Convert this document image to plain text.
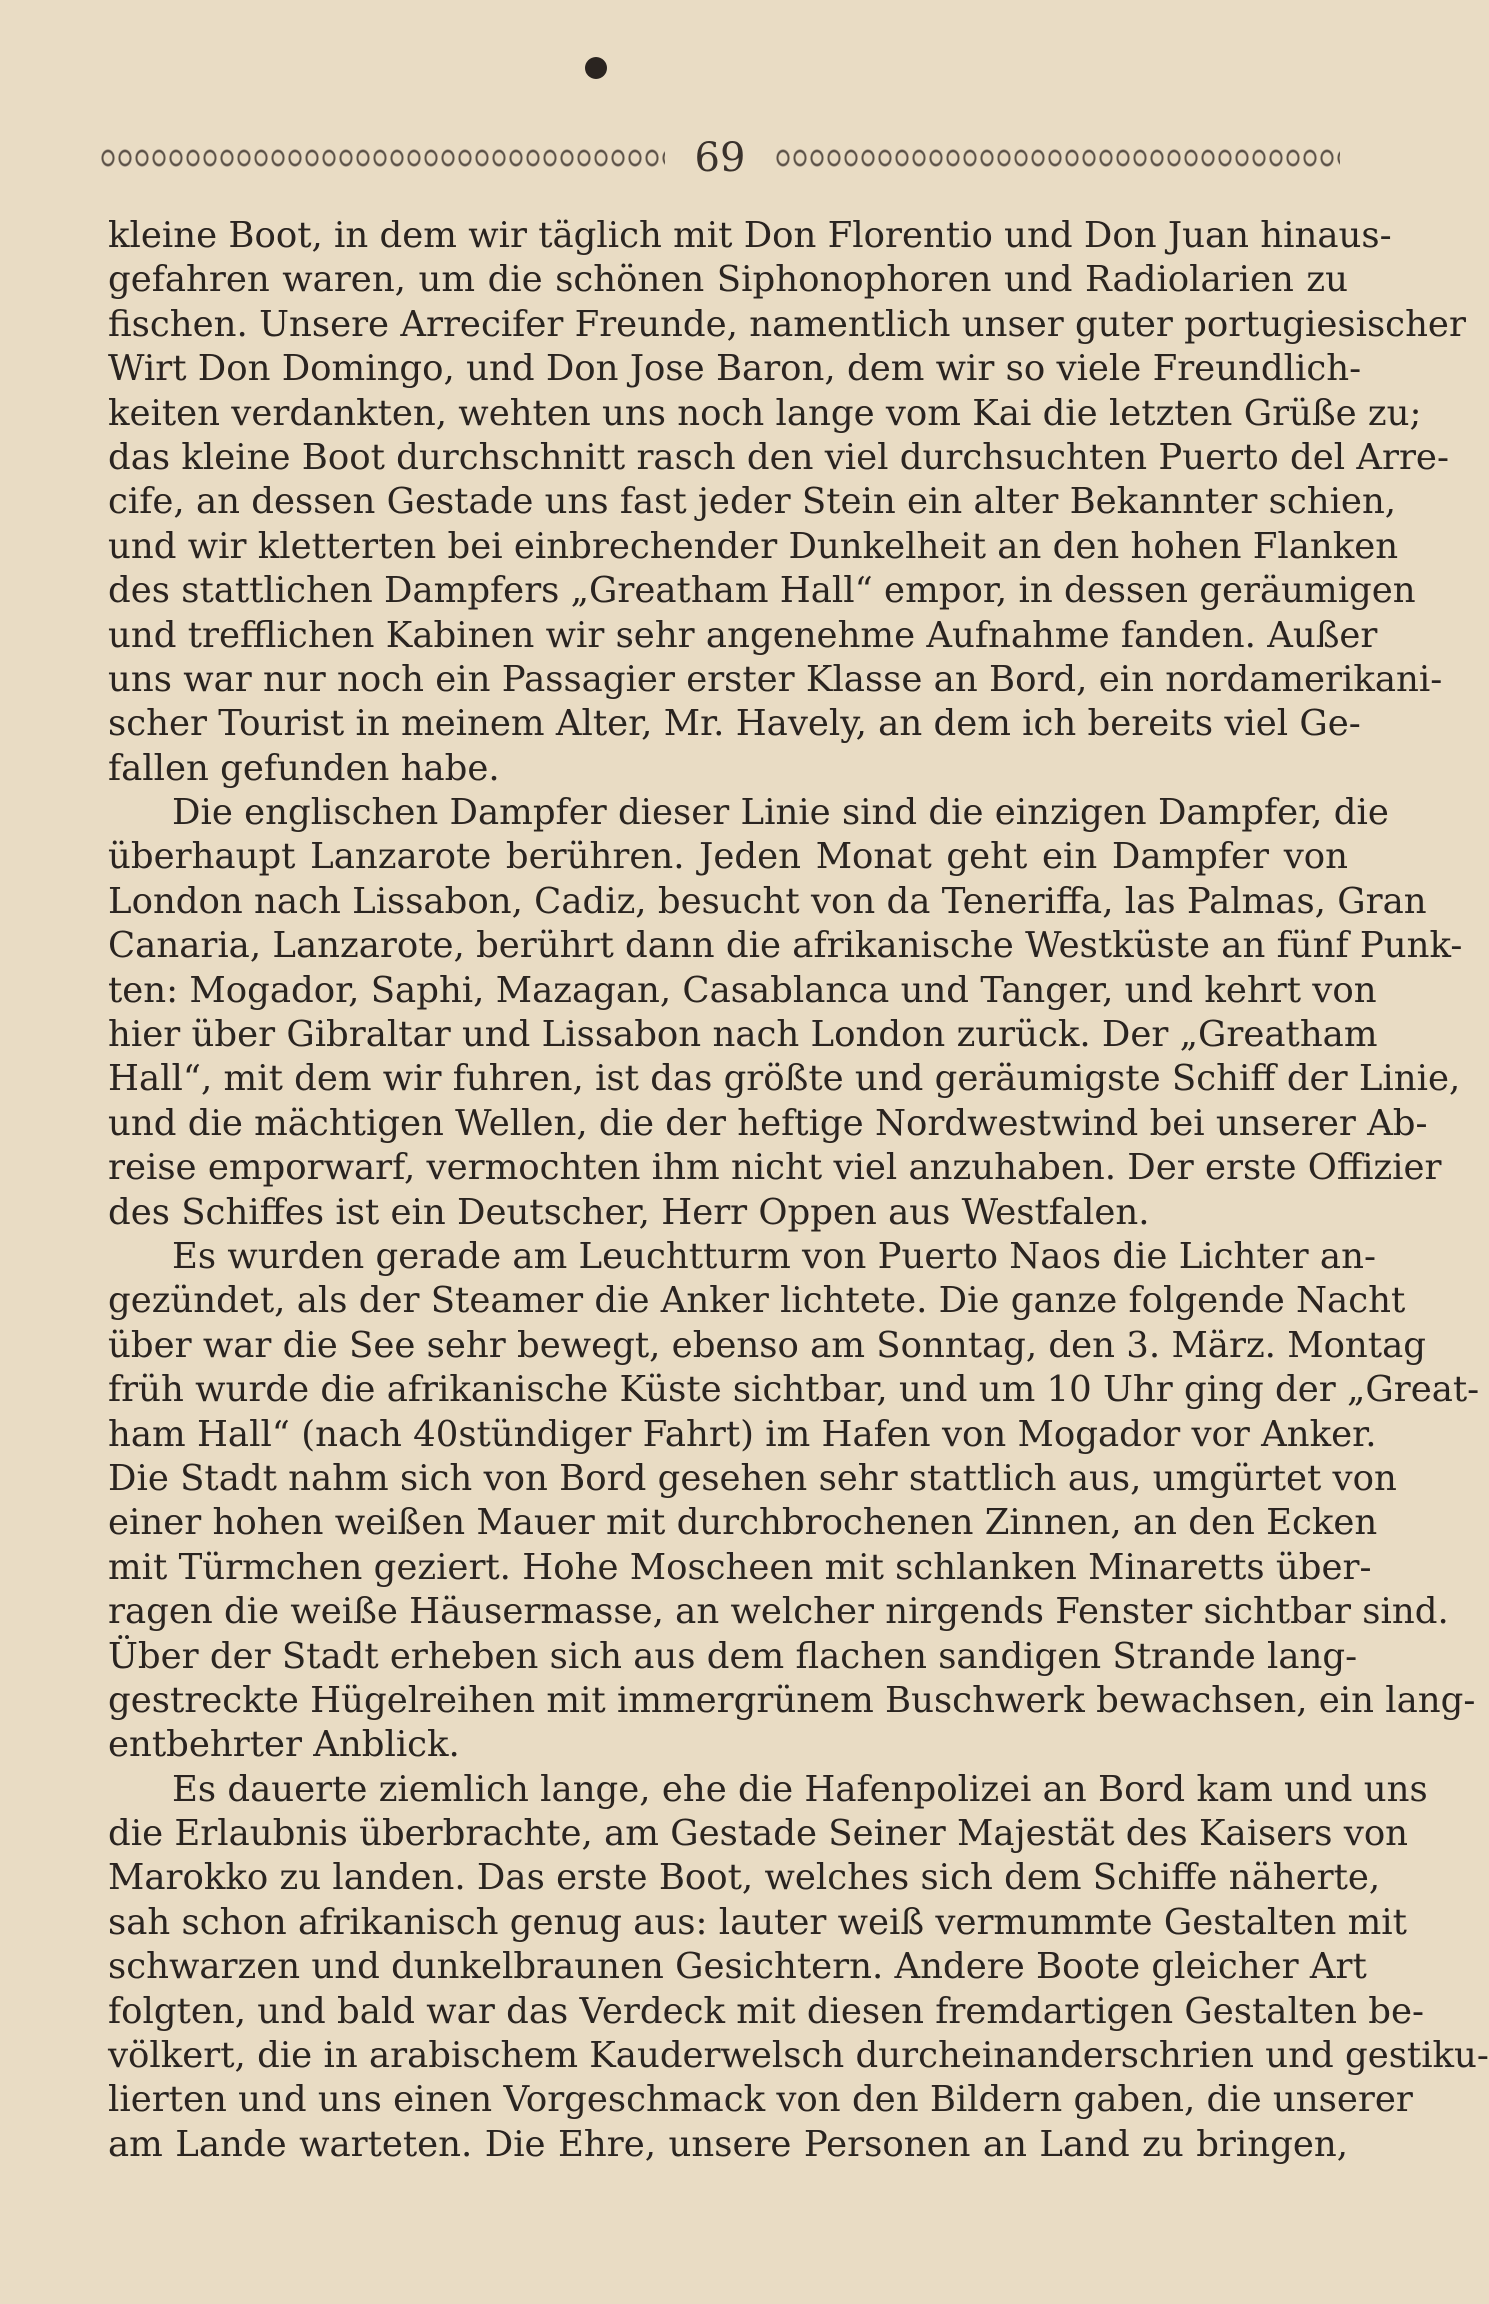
69
kleine Boot, in dem wir täglich mit Don Florentio und Don Juan hinaus-
gefahren waren, um die schönen Siphonophoren und Radiolarien zu
fischen. Unsere Arrecifer Freunde, namentlich unser guter portugiesischer
Wirt Don Domingo, und Don Jose Baron, dem wir so viele Freundlich-
keiten verdankten, wehten uns noch lange vom Kai die letzten Grüße zu;
das kleine Boot durchschnitt rasch den viel durchsuchten Puerto del Arre-
cife, an dessen Gestade uns fast jeder Stein ein alter Bekannter schien,
und wir kletterten bei einbrechender Dunkelheit an den hohen Flanken
des stattlichen Dampfers „Greatham Hall“ empor, in dessen geräumigen
und trefflichen Kabinen wir sehr angenehme Aufnahme fanden. Außer
uns war nur noch ein Passagier erster Klasse an Bord, ein nordamerikani-
scher Tourist in meinem Alter, Mr. Havely, an dem ich bereits viel Ge-
fallen gefunden habe.
Die englischen Dampfer dieser Linie sind die einzigen Dampfer, die
überhaupt Lanzarote berühren. Jeden Monat geht ein Dampfer von
London nach Lissabon, Cadiz, besucht von da Teneriffa, las Palmas, Gran
Canaria, Lanzarote, berührt dann die afrikanische Westküste an fünf Punk-
ten: Mogador, Saphi, Mazagan, Casablanca und Tanger, und kehrt von
hier über Gibraltar und Lissabon nach London zurück. Der „Greatham
Hall“, mit dem wir fuhren, ist das größte und geräumigste Schiff der Linie,
und die mächtigen Wellen, die der heftige Nordwestwind bei unserer Ab-
reise emporwarf, vermochten ihm nicht viel anzuhaben. Der erste Offizier
des Schiffes ist ein Deutscher, Herr Oppen aus Westfalen.
Es wurden gerade am Leuchtturm von Puerto Naos die Lichter an-
gezündet, als der Steamer die Anker lichtete. Die ganze folgende Nacht
über war die See sehr bewegt, ebenso am Sonntag, den 3. März. Montag
früh wurde die afrikanische Küste sichtbar, und um 10 Uhr ging der „Great-
ham Hall“ (nach 40stündiger Fahrt) im Hafen von Mogador vor Anker.
Die Stadt nahm sich von Bord gesehen sehr stattlich aus, umgürtet von
einer hohen weißen Mauer mit durchbrochenen Zinnen, an den Ecken
mit Türmchen geziert. Hohe Moscheen mit schlanken Minaretts über-
ragen die weiße Häusermasse, an welcher nirgends Fenster sichtbar sind.
Über der Stadt erheben sich aus dem flachen sandigen Strande lang-
gestreckte Hügelreihen mit immergrünem Buschwerk bewachsen, ein lang-
entbehrter Anblick.
Es dauerte ziemlich lange, ehe die Hafenpolizei an Bord kam und uns
die Erlaubnis überbrachte, am Gestade Seiner Majestät des Kaisers von
Marokko zu landen. Das erste Boot, welches sich dem Schiffe näherte,
sah schon afrikanisch genug aus: lauter weiß vermummte Gestalten mit
schwarzen und dunkelbraunen Gesichtern. Andere Boote gleicher Art
folgten, und bald war das Verdeck mit diesen fremdartigen Gestalten be-
völkert, die in arabischem Kauderwelsch durcheinanderschrien und gestiku-
lierten und uns einen Vorgeschmack von den Bildern gaben, die unserer
am Lande warteten. Die Ehre, unsere Personen an Land zu bringen,
